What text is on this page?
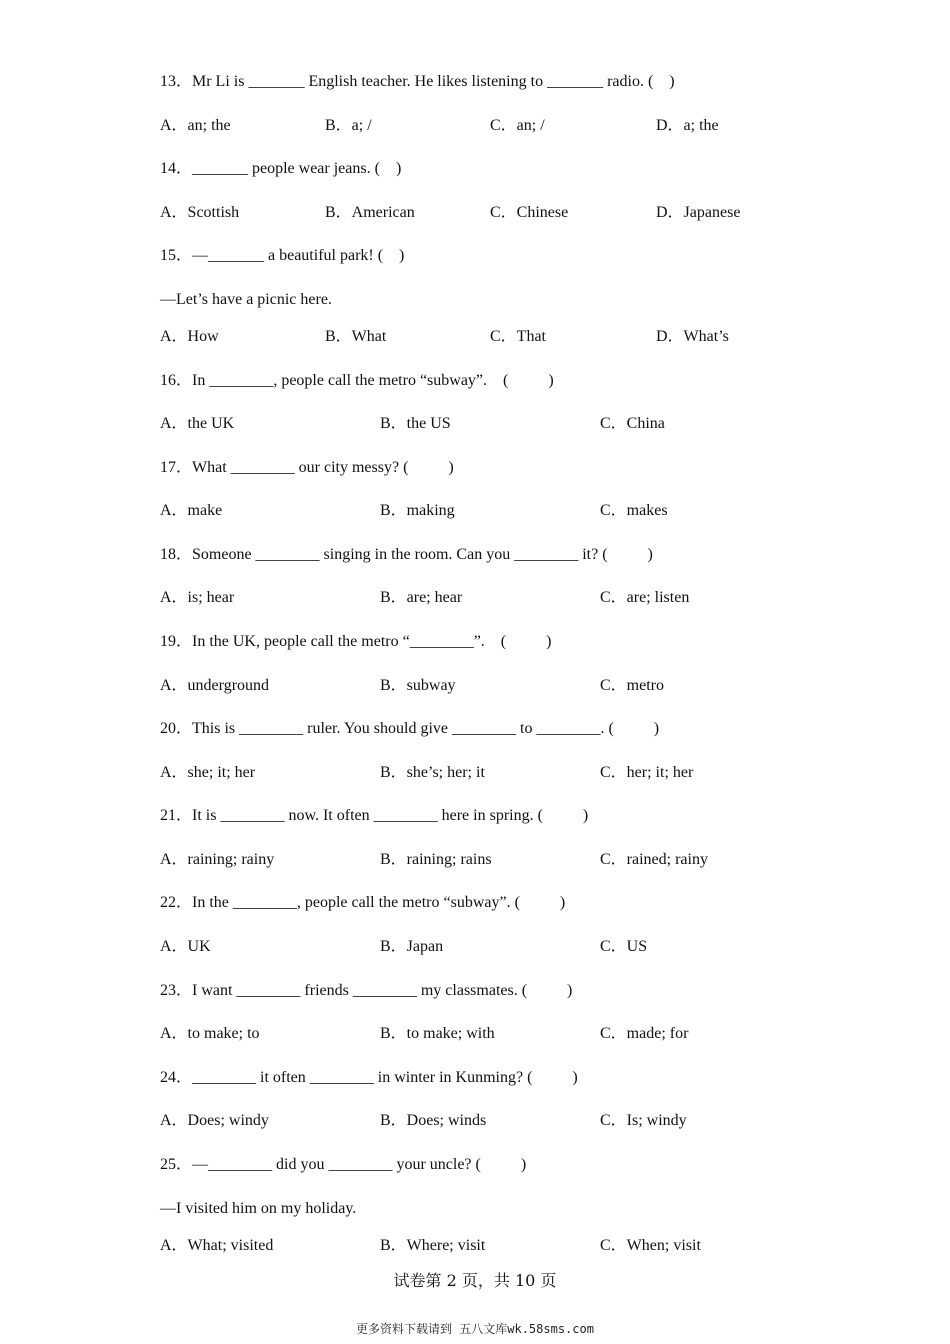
13．Mr Li is _______ English teacher. He likes listening to _______ radio. (    )
A．an; the	B．a; /	C．an; /	D．a; the
14．_______ people wear jeans. (    )
A．Scottish	B．American	C．Chinese	D．Japanese
15．—_______ a beautiful park! (    )
—Let’s have a picnic here.
A．How	B．What	C．That	D．What’s
16．In ________, people call the metro “subway”.    (          )
A．the UK	B．the US	C．China
17．What ________ our city messy? (          )
A．make	B．making	C．makes
18．Someone ________ singing in the room. Can you ________ it? (          )
A．is; hear	B．are; hear	C．are; listen
19．In the UK, people call the metro “________”.    (          )
A．underground	B．subway	C．metro
20．This is ________ ruler. You should give ________ to ________. (          )
A．she; it; her	B．she’s; her; it	C．her; it; her
21．It is ________ now. It often ________ here in spring. (          )
A．raining; rainy	B．raining; rains	C．rained; rainy
22．In the ________, people call the metro “subway”. (          )
A．UK	B．Japan	C．US
23．I want ________ friends ________ my classmates. (          )
A．to make; to	B．to make; with	C．made; for
24．________ it often ________ in winter in Kunming? (          )
A．Does; windy	B．Does; winds	C．Is; windy
25．—________ did you ________ your uncle? (          )
—I visited him on my holiday.
A．What; visited	B．Where; visit	C．When; visit
试卷第 2 页，共 10 页
更多资料下载请到 五八文库wk.58sms.com
